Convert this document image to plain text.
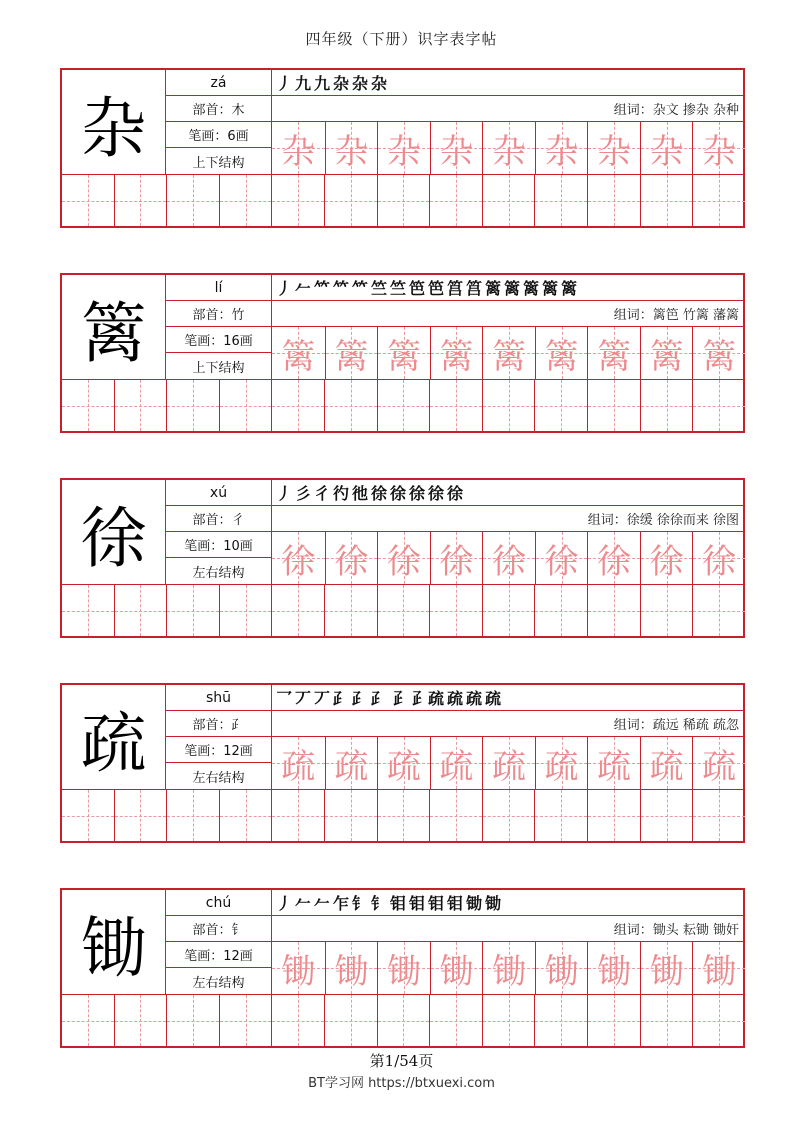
四年级（下册）识字表字帖
杂
zá
部首： 木
笔画： 6画
上下结构
丿九九杂杂杂
组词： 杂文 掺杂 杂种
杂 杂 杂 杂 杂 杂 杂 杂 杂
篱
lí
部首： 竹
笔画： 16画
上下结构
丿𠂉𥫗𥫗𥫗竺竺笆笆筥筥篱篱篱篱篱
组词： 篱笆 竹篱 藩篱
篱 篱 篱 篱 篱 篱 篱 篱 篱
徐
xú
部首： 彳
笔画： 10画
左右结构
丿彡彳彴彵徐徐徐徐徐
组词： 徐缓 徐徐而来 徐图
徐 徐 徐 徐 徐 徐 徐 徐 徐
疏
shū
部首： ⺪
笔画： 12画
左右结构
乛丆丆⺪⺪⺪𤴔𤴔疏疏疏疏
组词： 疏远 稀疏 疏忽
疏 疏 疏 疏 疏 疏 疏 疏 疏
锄
chú
部首： 钅
笔画： 12画
左右结构
丿𠂉𠂉乍钅钅钼钼钼钼锄锄
组词： 锄头 耘锄 锄奸
锄 锄 锄 锄 锄 锄 锄 锄 锄
第1/54页
BT学习网 https://btxuexi.com
